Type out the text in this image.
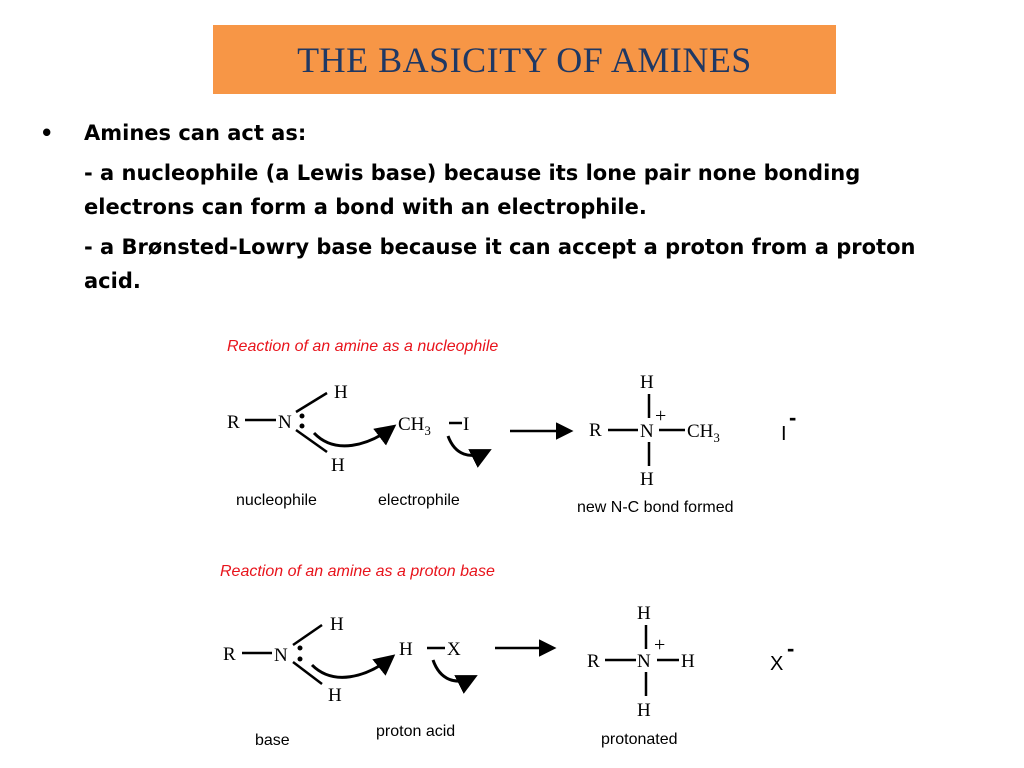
THE BASICITY OF AMINES
•	Amines can act as:
- a nucleophile (a Lewis base) because its lone pair none bonding electrons can form a bond with an electrophile.
- a Brønsted-Lowry base because it can accept a proton from a proton acid.
Reaction of an amine as a nucleophile
R N
H
H
$CH_3$ I
H
R N
+
$CH_3$
H
I
-
nucleophile	electrophile	new N-C bond formed
Reaction of an amine as a proton base
R N
H
H
H X
H
R N
+
H
H
X
-
base
proton acid	protonated
